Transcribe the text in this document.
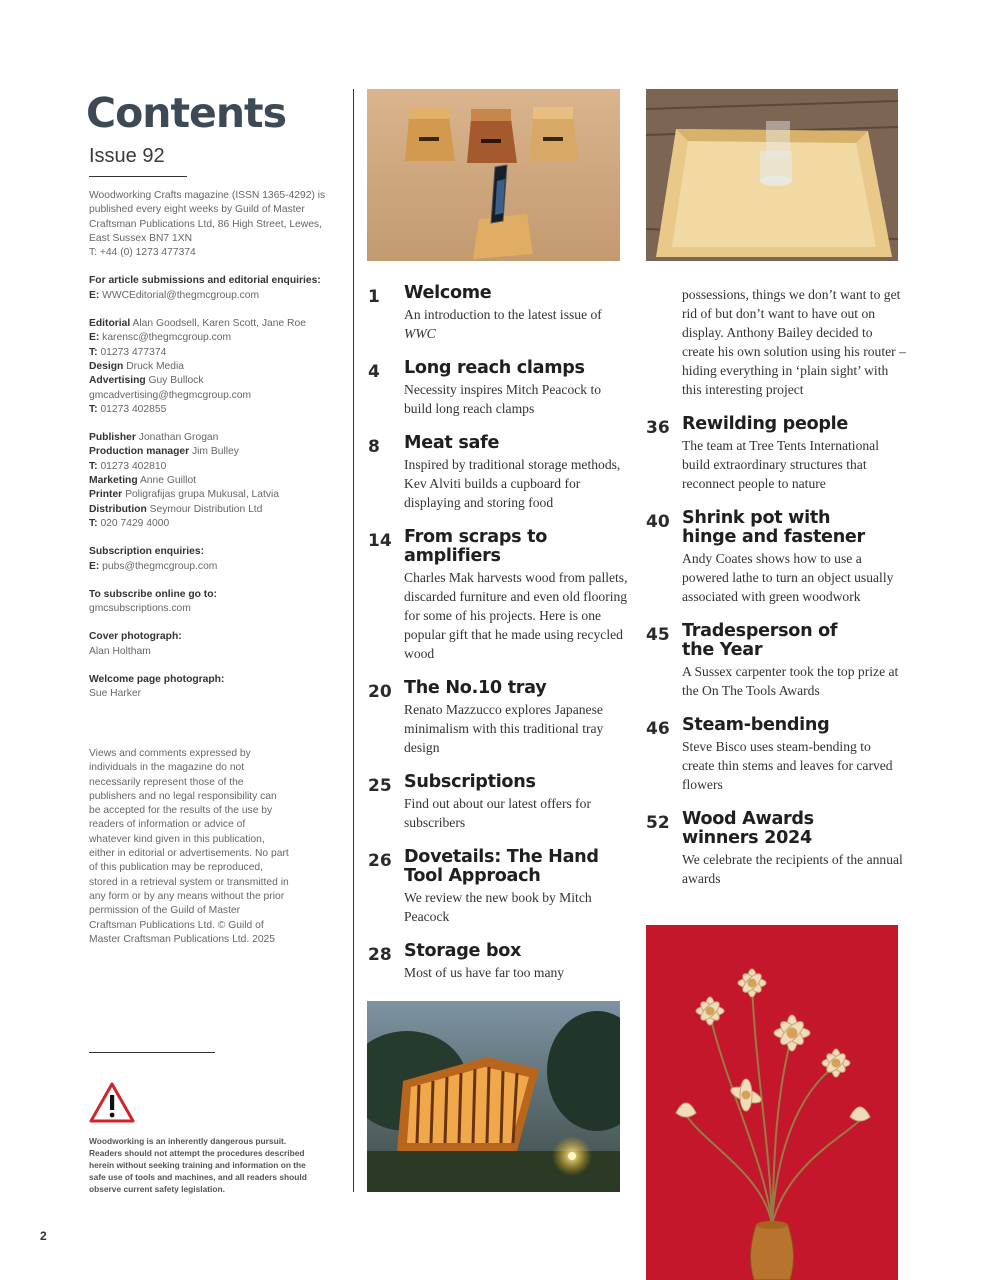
Contents
Issue 92
Woodworking Crafts magazine (ISSN 1365-4292) is published every eight weeks by Guild of Master Craftsman Publications Ltd, 86 High Street, Lewes, East Sussex BN7 1XN
T: +44 (0) 1273 477374
For article submissions and editorial enquiries:
E: WWCEditorial@thegmcgroup.com
Editorial Alan Goodsell, Karen Scott, Jane Roe
E: karensc@thegmcgroup.com
T: 01273 477374
Design Druck Media
Advertising Guy Bullock
gmcadvertising@thegmcgroup.com
T: 01273 402855
Publisher Jonathan Grogan
Production manager Jim Bulley
T: 01273 402810
Marketing Anne Guillot
Printer Poligrafijas grupa Mukusal, Latvia
Distribution Seymour Distribution Ltd
T: 020 7429 4000
Subscription enquiries:
E: pubs@thegmcgroup.com
To subscribe online go to:
gmcsubscriptions.com
Cover photograph:
Alan Holtham
Welcome page photograph:
Sue Harker
Views and comments expressed by individuals in the magazine do not necessarily represent those of the publishers and no legal responsibility can be accepted for the results of the use by readers of information or advice of whatever kind given in this publication, either in editorial or advertisements. No part of this publication may be reproduced, stored in a retrieval system or transmitted in any form or by any means without the prior permission of the Guild of Master Craftsman Publications Ltd. © Guild of Master Craftsman Publications Ltd. 2025
Woodworking is an inherently dangerous pursuit. Readers should not attempt the procedures described herein without seeking training and information on the safe use of tools and machines, and all readers should observe current safety legislation.
2
1 Welcome
An introduction to the latest issue of WWC
4 Long reach clamps
Necessity inspires Mitch Peacock to build long reach clamps
8 Meat safe
Inspired by traditional storage methods, Kev Alviti builds a cupboard for displaying and storing food
14 From scraps to amplifiers
Charles Mak harvests wood from pallets, discarded furniture and even old flooring for some of his projects. Here is one popular gift that he made using recycled wood
20 The No.10 tray
Renato Mazzucco explores Japanese minimalism with this traditional tray design
25 Subscriptions
Find out about our latest offers for subscribers
26 Dovetails: The Hand Tool Approach
We review the new book by Mitch Peacock
28 Storage box
Most of us have far too many
possessions, things we don’t want to get rid of but don’t want to have out on display. Anthony Bailey decided to create his own solution using his router – hiding everything in ‘plain sight’ with this interesting project
36 Rewilding people
The team at Tree Tents International build extraordinary structures that reconnect people to nature
40 Shrink pot with hinge and fastener
Andy Coates shows how to use a powered lathe to turn an object usually associated with green woodwork
45 Tradesperson of the Year
A Sussex carpenter took the top prize at the On The Tools Awards
46 Steam-bending
Steve Bisco uses steam-bending to create thin stems and leaves for carved flowers
52 Wood Awards winners 2024
We celebrate the recipients of the annual awards
